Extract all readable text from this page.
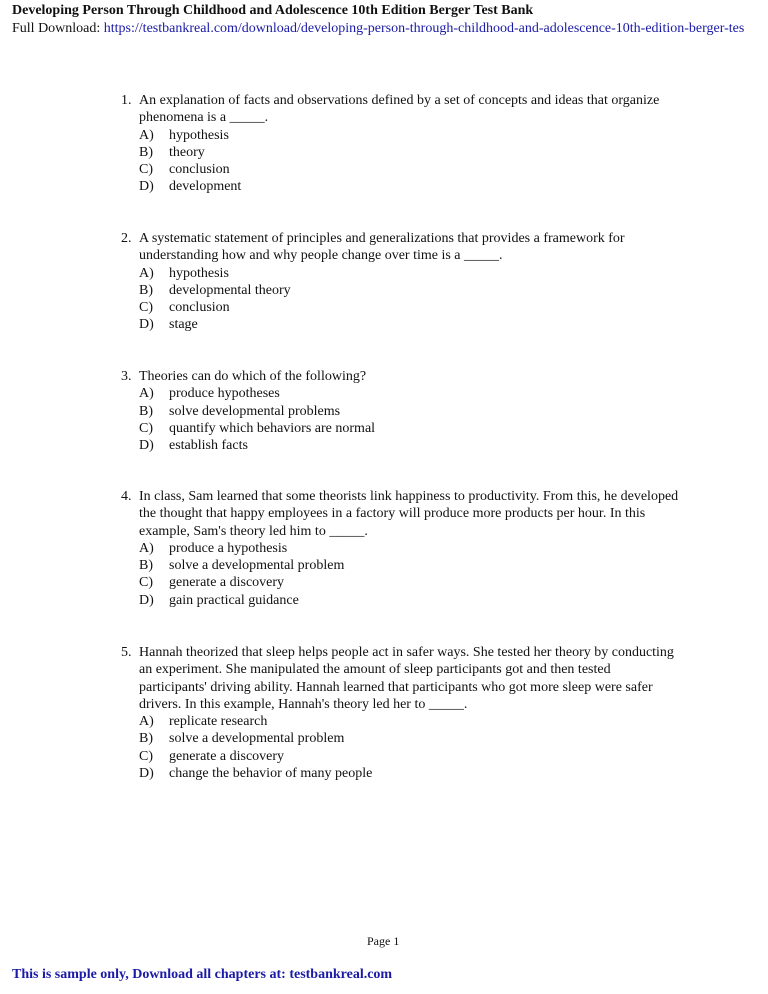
Developing Person Through Childhood and Adolescence 10th Edition Berger Test Bank
Full Download: https://testbankreal.com/download/developing-person-through-childhood-and-adolescence-10th-edition-berger-tes
1. An explanation of facts and observations defined by a set of concepts and ideas that organize phenomena is a _____.
A)	hypothesis
B)	theory
C)	conclusion
D)	development
2. A systematic statement of principles and generalizations that provides a framework for understanding how and why people change over time is a _____.
A)	hypothesis
B)	developmental theory
C)	conclusion
D)	stage
3. Theories can do which of the following?
A)	produce hypotheses
B)	solve developmental problems
C)	quantify which behaviors are normal
D)	establish facts
4. In class, Sam learned that some theorists link happiness to productivity. From this, he developed the thought that happy employees in a factory will produce more products per hour. In this example, Sam's theory led him to _____.
A)	produce a hypothesis
B)	solve a developmental problem
C)	generate a discovery
D)	gain practical guidance
5. Hannah theorized that sleep helps people act in safer ways. She tested her theory by conducting an experiment. She manipulated the amount of sleep participants got and then tested participants' driving ability. Hannah learned that participants who got more sleep were safer drivers. In this example, Hannah's theory led her to _____.
A)	replicate research
B)	solve a developmental problem
C)	generate a discovery
D)	change the behavior of many people
Page 1
This is sample only, Download all chapters at: testbankreal.com
